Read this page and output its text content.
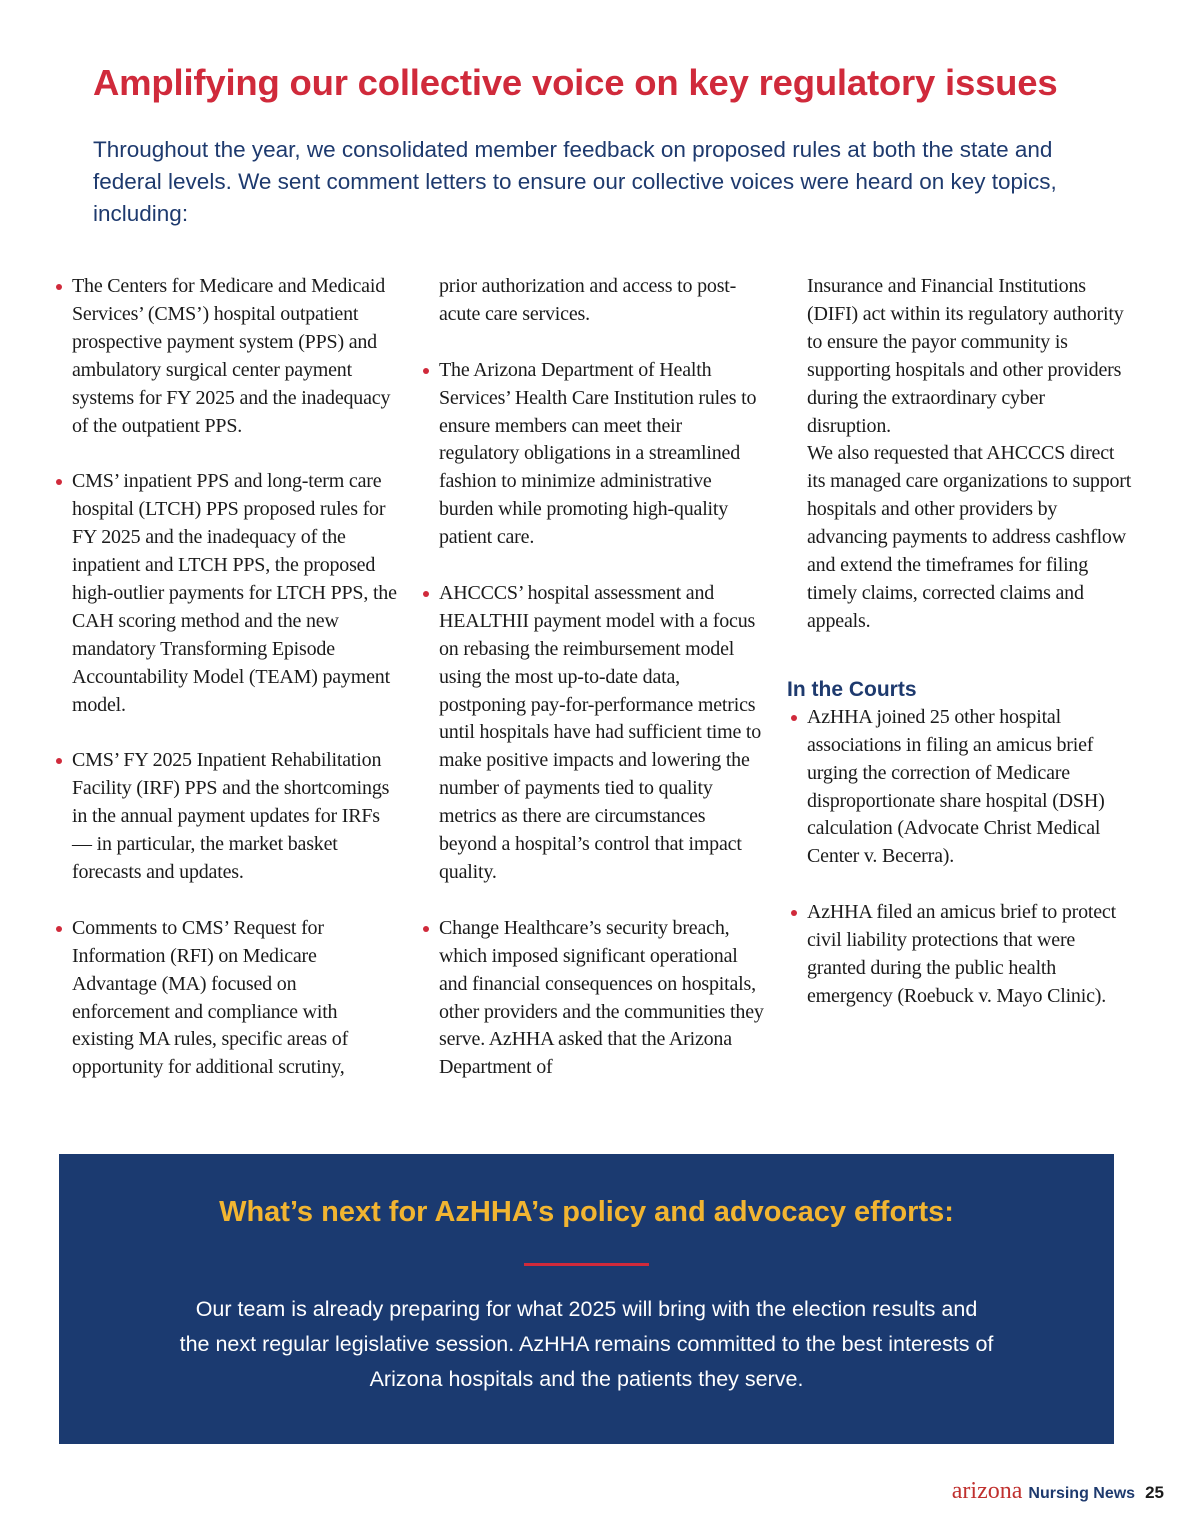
Amplifying our collective voice on key regulatory issues

Throughout the year, we consolidated member feedback on proposed rules at both the state and federal levels. We sent comment letters to ensure our collective voices were heard on key topics, including:

The Centers for Medicare and Medicaid Services’ (CMS’) hospital outpatient prospective payment system (PPS) and ambulatory surgical center payment systems for FY 2025 and the inadequacy of the outpatient PPS.
CMS’ inpatient PPS and long-term care hospital (LTCH) PPS proposed rules for FY 2025 and the inadequacy of the inpatient and LTCH PPS, the proposed high-outlier payments for LTCH PPS, the CAH scoring method and the new mandatory Transforming Episode Accountability Model (TEAM) payment model.
CMS’ FY 2025 Inpatient Rehabilitation Facility (IRF) PPS and the shortcomings in the annual payment updates for IRFs — in particular, the market basket forecasts and updates.
Comments to CMS’ Request for Information (RFI) on Medicare Advantage (MA) focused on enforcement and compliance with existing MA rules, specific areas of opportunity for additional scrutiny,
prior authorization and access to post-acute care services.
The Arizona Department of Health Services’ Health Care Institution rules to ensure members can meet their regulatory obligations in a streamlined fashion to minimize administrative burden while promoting high-quality patient care.
AHCCCS’ hospital assessment and HEALTHII payment model with a focus on rebasing the reimbursement model using the most up-to-date data, postponing pay-for-performance metrics until hospitals have had sufficient time to make positive impacts and lowering the number of payments tied to quality metrics as there are circumstances beyond a hospital’s control that impact quality.
Change Healthcare’s security breach, which imposed significant operational and financial consequences on hospitals, other providers and the communities they serve. AzHHA asked that the Arizona Department of
Insurance and Financial Institutions (DIFI) act within its regulatory authority to ensure the payor community is supporting hospitals and other providers during the extraordinary cyber disruption.
We also requested that AHCCCS direct its managed care organizations to support hospitals and other providers by advancing payments to address cashflow and extend the timeframes for filing timely claims, corrected claims and appeals.
In the Courts
AzHHA joined 25 other hospital associations in filing an amicus brief urging the correction of Medicare disproportionate share hospital (DSH) calculation (Advocate Christ Medical Center v. Becerra).
AzHHA filed an amicus brief to protect civil liability protections that were granted during the public health emergency (Roebuck v. Mayo Clinic).
What’s next for AzHHA’s policy and advocacy efforts:

Our team is already preparing for what 2025 will bring with the election results and the next regular legislative session. AzHHA remains committed to the best interests of Arizona hospitals and the patients they serve.

arizona Nursing News 25
